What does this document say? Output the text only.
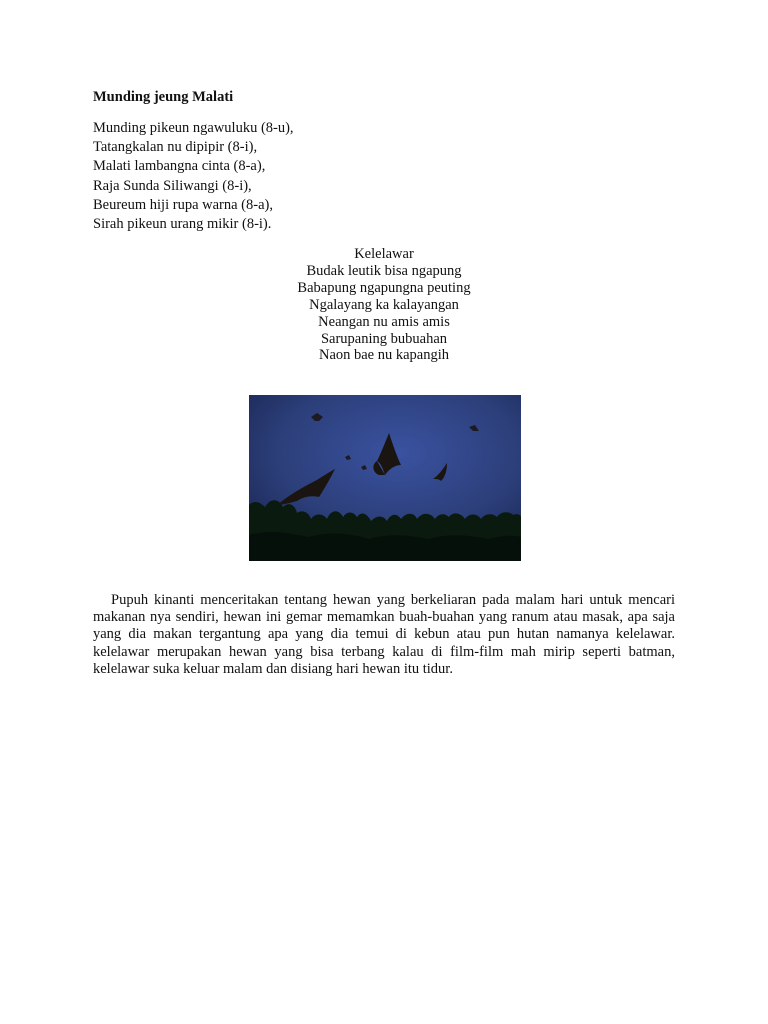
Munding jeung Malati
Munding pikeun ngawuluku (8-u),
Tatangkalan nu dipipir (8-i),
Malati lambangna cinta (8-a),
Raja Sunda Siliwangi (8-i),
Beureum hiji rupa warna (8-a),
Sirah pikeun urang mikir (8-i).
Kelelawar
Budak leutik bisa ngapung
Babapung ngapungna peuting
Ngalayang ka kalayangan
Neangan nu amis amis
Sarupaning bubuahan
Naon bae nu kapangih

Pupuh kinanti menceritakan tentang hewan yang berkeliaran pada malam hari untuk mencari makanan nya sendiri, hewan ini gemar memamkan buah-buahan yang ranum atau masak, apa saja yang dia makan tergantung apa yang dia temui di kebun atau pun hutan namanya kelelawar. kelelawar merupakan hewan yang bisa terbang kalau di film-film mah mirip seperti batman, kelelawar suka keluar malam dan disiang hari hewan itu tidur.
